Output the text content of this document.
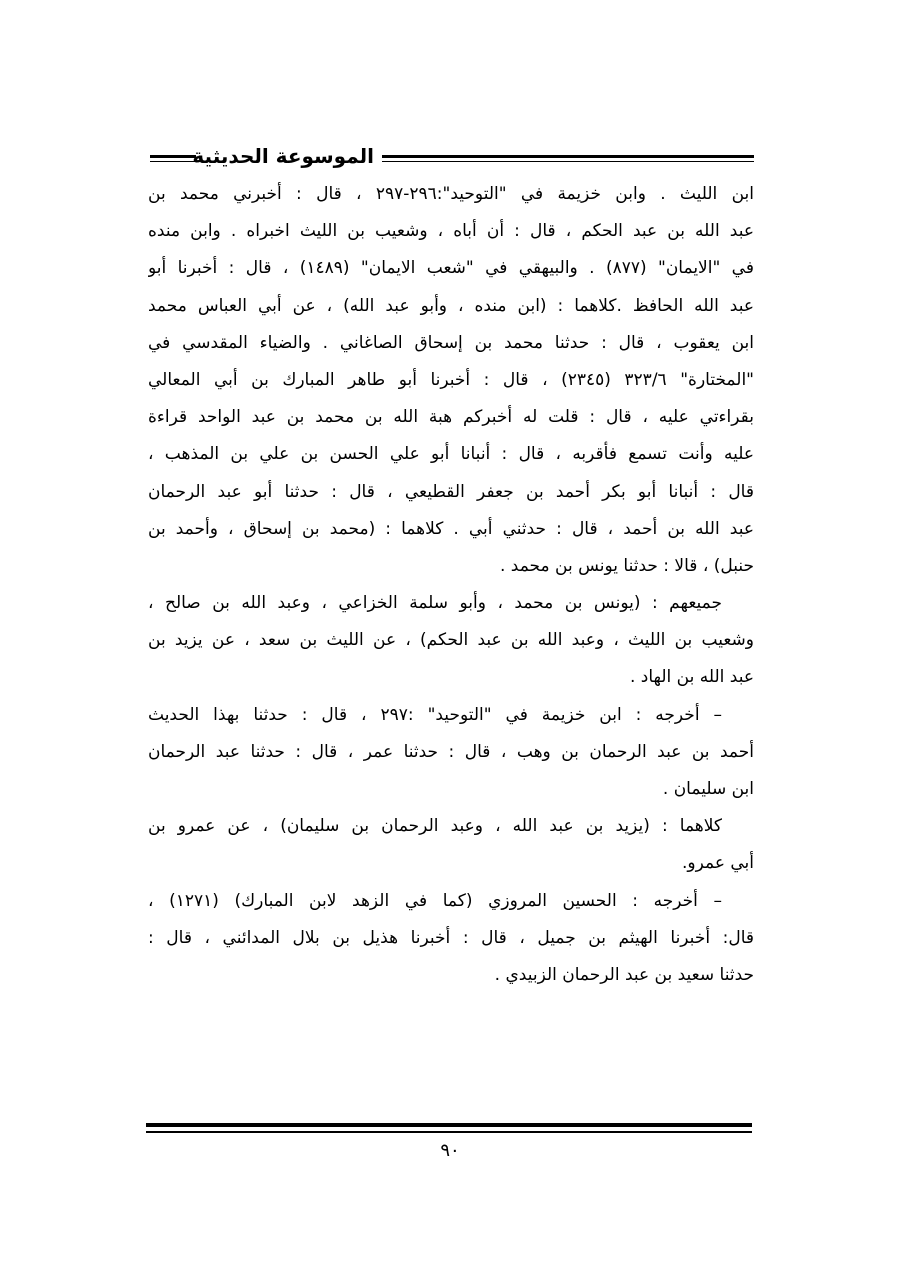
الموسوعة الحديثية
ابن الليث . وابن خزيمة في "التوحيد":٢٩٦-٢٩٧ ، قال : أخبرني محمد بن
عبد الله بن عبد الحكم ، قال : أن أباه ، وشعيب بن الليث اخبراه . وابن منده
في "الايمان" (٨٧٧) . والبيهقي في "شعب الايمان" (١٤٨٩) ، قال : أخبرنا أبو
عبد الله الحافظ .كلاهما : (ابن منده ، وأبو عبد الله) ، عن أبي العباس محمد
ابن يعقوب ، قال : حدثنا محمد بن إسحاق الصاغاني . والضياء المقدسي في
"المختارة" ٣٢٣/٦ (٢٣٤٥) ، قال : أخبرنا أبو طاهر المبارك بن أبي المعالي
بقراءتي عليه ، قال : قلت له أخبركم هبة الله بن محمد بن عبد الواحد قراءة
عليه وأنت تسمع فأقربه ، قال : أنبانا أبو علي الحسن بن علي بن المذهب ،
قال : أنبانا أبو بكر أحمد بن جعفر القطيعي ، قال : حدثنا أبو عبد الرحمان
عبد الله بن أحمد ، قال : حدثني أبي . كلاهما : (محمد بن إسحاق ، وأحمد بن
حنبل) ، قالا : حدثنا يونس بن محمد .
جميعهم : (يونس بن محمد ، وأبو سلمة الخزاعي ، وعبد الله بن صالح ،
وشعيب بن الليث ، وعبد الله بن عبد الحكم) ، عن الليث بن سعد ، عن يزيد بن
عبد الله بن الهاد .
– أخرجه : ابن خزيمة في "التوحيد" :٢٩٧ ، قال : حدثنا بهذا الحديث
أحمد بن عبد الرحمان بن وهب ، قال : حدثنا عمر ، قال : حدثنا عبد الرحمان
ابن سليمان .
كلاهما : (يزيد بن عبد الله ، وعبد الرحمان بن سليمان) ، عن عمرو بن
أبي عمرو.
– أخرجه : الحسين المروزي (كما في الزهد لابن المبارك) (١٢٧١) ،
قال: أخبرنا الهيثم بن جميل ، قال : أخبرنا هذيل بن بلال المدائني ، قال :
حدثنا سعيد بن عبد الرحمان الزبيدي .
٩٠
